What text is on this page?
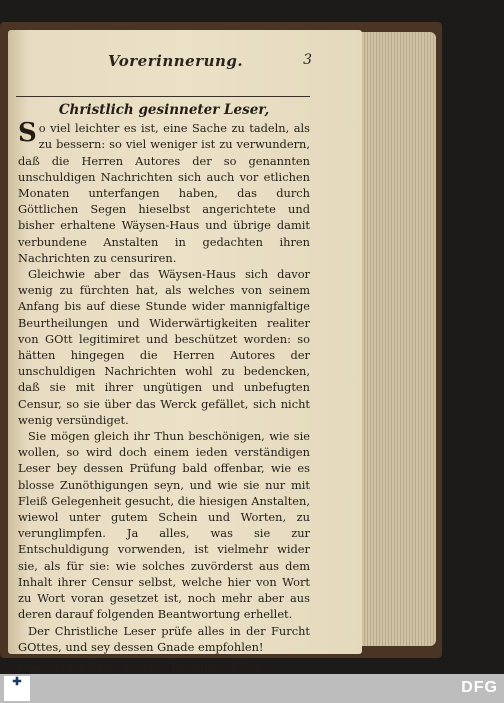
Vorerinnerung.	3
Christlich gesinneter Leser,

So viel leichter es ist, eine Sache zu tadeln, als zu bessern: so viel weniger ist zu verwundern, daß die Herren Autores der so genannten unschuldigen Nachrichten sich auch vor etlichen Monaten unterfangen haben, das durch Göttlichen Segen hieselbst angerichtete und bisher erhaltene Wäysen-Haus und übrige damit verbundene Anstalten in gedachten ihren Nachrichten zu censuriren.

Gleichwie aber das Wäysen-Haus sich davor wenig zu fürchten hat, als welches von seinem Anfang bis auf diese Stunde wider mannigfaltige Beurtheilungen und Widerwärtigkeiten realiter von GOtt legitimiret und beschützet worden: so hätten hingegen die Herren Autores der unschuldigen Nachrichten wohl zu bedencken, daß sie mit ihrer ungütigen und unbefugten Censur, so sie über das Werck gefället, sich nicht wenig versündiget.

Sie mögen gleich ihr Thun beschönigen, wie sie wollen, so wird doch einem ieden verständigen Leser bey dessen Prüfung bald offenbar, wie es blosse Zunöthigungen seyn, und wie sie nur mit Fleiß Gelegenheit gesucht, die hiesigen Anstalten, wiewol unter gutem Schein und Worten, zu verunglimpfen. Ja alles, was sie zur Entschuldigung vorwenden, ist vielmehr wider sie, als für sie: wie solches zuvörderst aus dem Inhalt ihrer Censur selbst, welche hier von Wort zu Wort voran gesetzet ist, noch mehr aber aus deren darauf folgenden Beantwortung erhellet.

Der Christliche Leser prüfe alles in der Furcht GOttes, und sey dessen Gnade empfohlen!

Glaucha an Halle, den 20. Decembr. 1708.

✚	DFG
